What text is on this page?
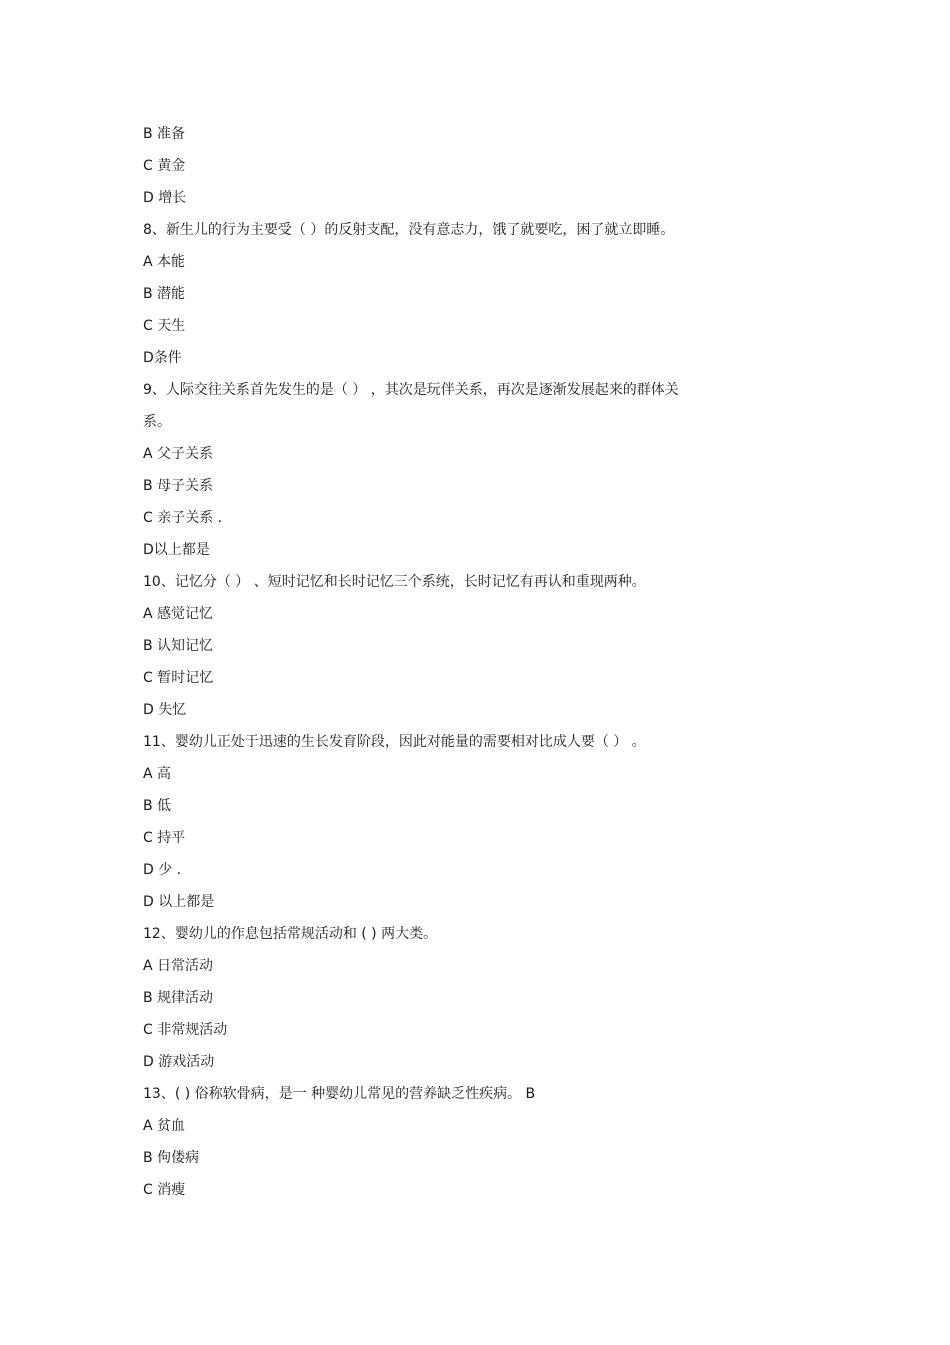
B 准备
C 黄金
D 增长
8、新生儿的行为主要受（ ）的反射支配，没有意志力，饿了就要吃，困了就立即睡。
A 本能
B 潜能
C 天生
D条件
9、人际交往关系首先发生的是（ ） ，其次是玩伴关系，再次是逐渐发展起来的群体关
系。
A 父子关系
B 母子关系
C 亲子关系 .
D以上都是
10、记忆分（ ） 、短时记忆和长时记忆三个系统，长时记忆有再认和重现两种。
A 感觉记忆
B 认知记忆
C 暂时记忆
D 失忆
11、婴幼儿正处于迅速的生长发育阶段，因此对能量的需要相对比成人要（ ） 。
A 高
B 低
C 持平
D 少 .
D 以上都是
12、婴幼儿的作息包括常规活动和 ( ) 两大类。
A 日常活动
B 规律活动
C 非常规活动
D 游戏活动
13、( ) 俗称软骨病，是一 种婴幼儿常见的营养缺乏性疾病。 B
A 贫血
B 佝偻病
C 消瘦
